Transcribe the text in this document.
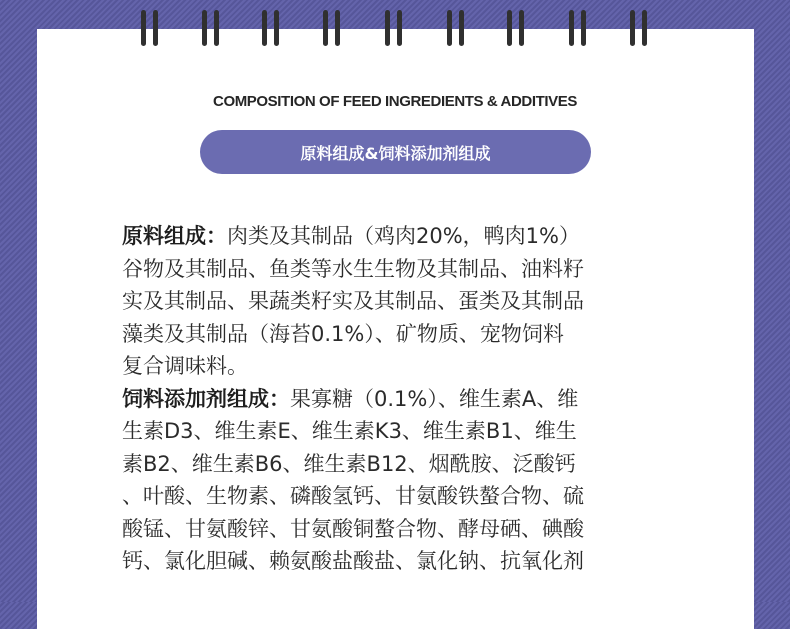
COMPOSITION OF FEED INGREDIENTS & ADDITIVES
原料组成&饲料添加剂组成
原料组成：肉类及其制品（鸡肉20%，鸭肉1%）
谷物及其制品、鱼类等水生生物及其制品、油料籽
实及其制品、果蔬类籽实及其制品、蛋类及其制品
藻类及其制品（海苔0.1%）、矿物质、宠物饲料
复合调味料。
饲料添加剂组成：果寡糖（0.1%）、维生素A、维
生素D3、维生素E、维生素K3、维生素B1、维生
素B2、维生素B6、维生素B12、烟酰胺、泛酸钙
、叶酸、生物素、磷酸氢钙、甘氨酸铁螯合物、硫
酸锰、甘氨酸锌、甘氨酸铜螯合物、酵母硒、碘酸
钙、氯化胆碱、赖氨酸盐酸盐、氯化钠、抗氧化剂
